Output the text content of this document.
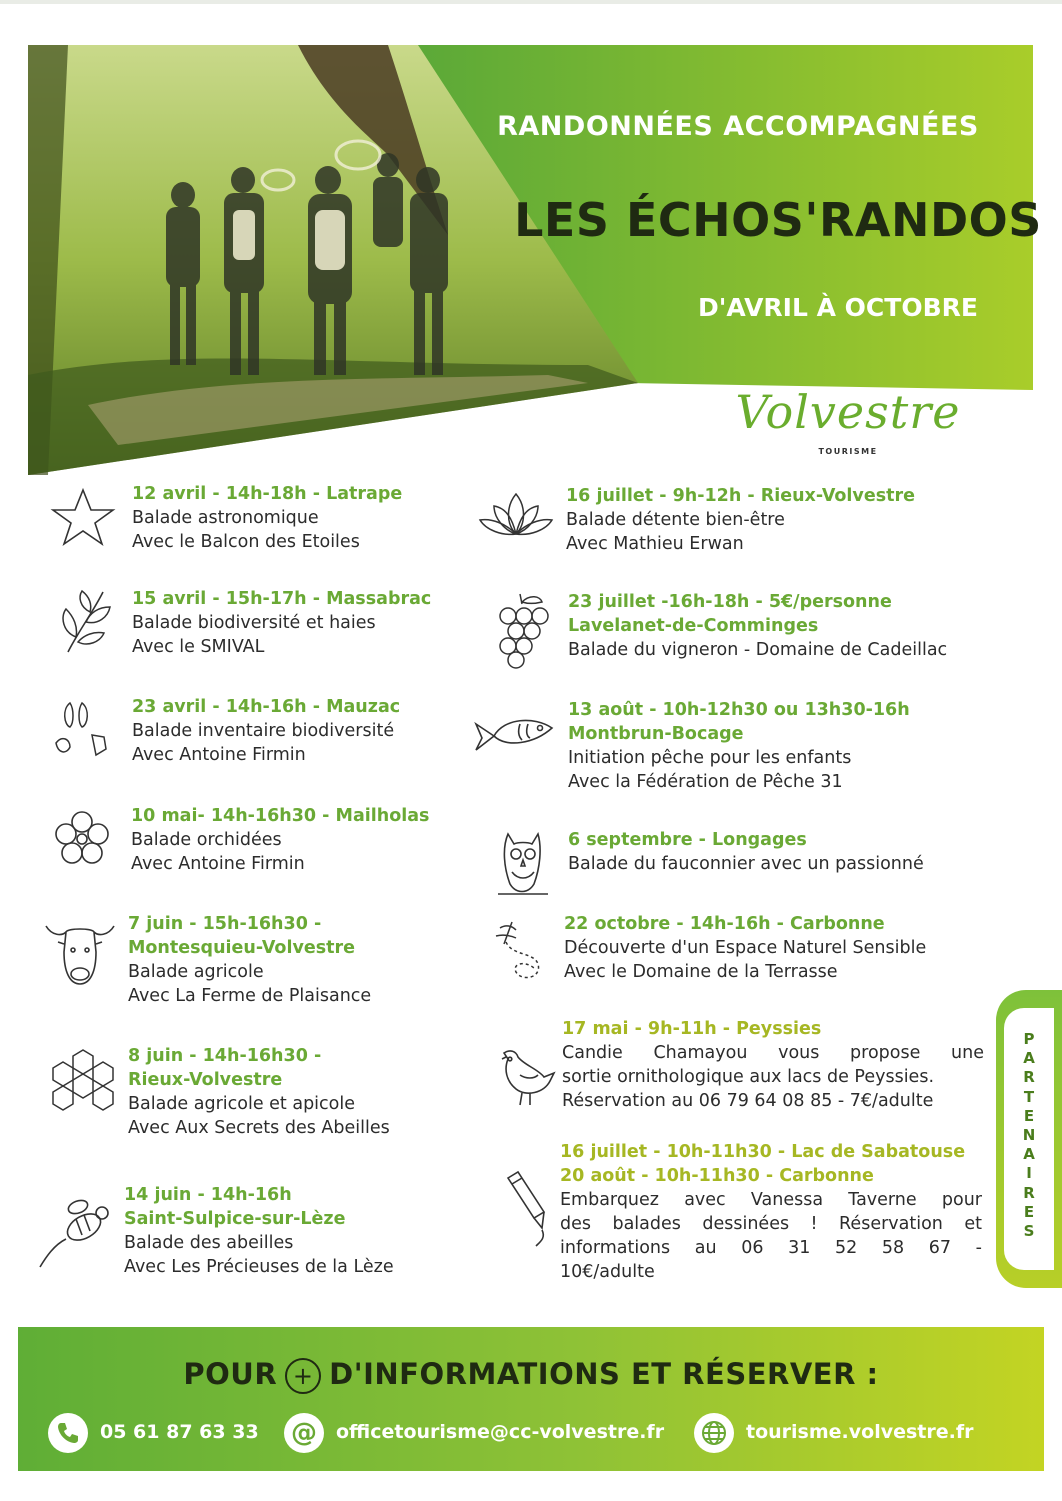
RANDONNÉES ACCOMPAGNÉES
LES ÉCHOS'RANDOS
D'AVRIL À OCTOBRE
Volvestre
TOURISME
12 avril - 14h-18h - Latrape
Balade astronomique
Avec le Balcon des Etoiles
15 avril - 15h-17h - Massabrac
Balade biodiversité et haies
Avec le SMIVAL
23 avril - 14h-16h - Mauzac
Balade inventaire biodiversité
Avec Antoine Firmin
10 mai- 14h-16h30 - Mailholas
Balade orchidées
Avec Antoine Firmin
7 juin - 15h-16h30 -
Montesquieu-Volvestre
Balade agricole
Avec La Ferme de Plaisance
8 juin - 14h-16h30 -
Rieux-Volvestre
Balade agricole et apicole
Avec Aux Secrets des Abeilles
14 juin - 14h-16h
Saint-Sulpice-sur-Lèze
Balade des abeilles
Avec Les Précieuses de la Lèze
16 juillet - 9h-12h - Rieux-Volvestre
Balade détente bien-être
Avec Mathieu Erwan
23 juillet -16h-18h - 5€/personne
Lavelanet-de-Comminges
Balade du vigneron - Domaine de Cadeillac
13 août - 10h-12h30 ou 13h30-16h
Montbrun-Bocage
Initiation pêche pour les enfants
Avec la Fédération de Pêche 31
6 septembre - Longages
Balade du fauconnier avec un passionné
22 octobre - 14h-16h - Carbonne
Découverte d'un Espace Naturel Sensible
Avec le Domaine de la Terrasse
17 mai - 9h-11h - Peyssies
Candie Chamayou vous propose une
sortie ornithologique aux lacs de Peyssies.
Réservation au 06 79 64 08 85 - 7€/adulte
16 juillet - 10h-11h30 - Lac de Sabatouse
20 août - 10h-11h30 - Carbonne
Embarquez avec Vanessa Taverne pour
des balades dessinées ! Réservation et
informations au 06 31 52 58 67 -
10€/adulte
P
A
R
T
E
N
A
I
R
E
S
POUR + D'INFORMATIONS ET RÉSERVER :
05 61 87 63 33 @	officetourisme@cc-volvestre.fr	tourisme.volvestre.fr
